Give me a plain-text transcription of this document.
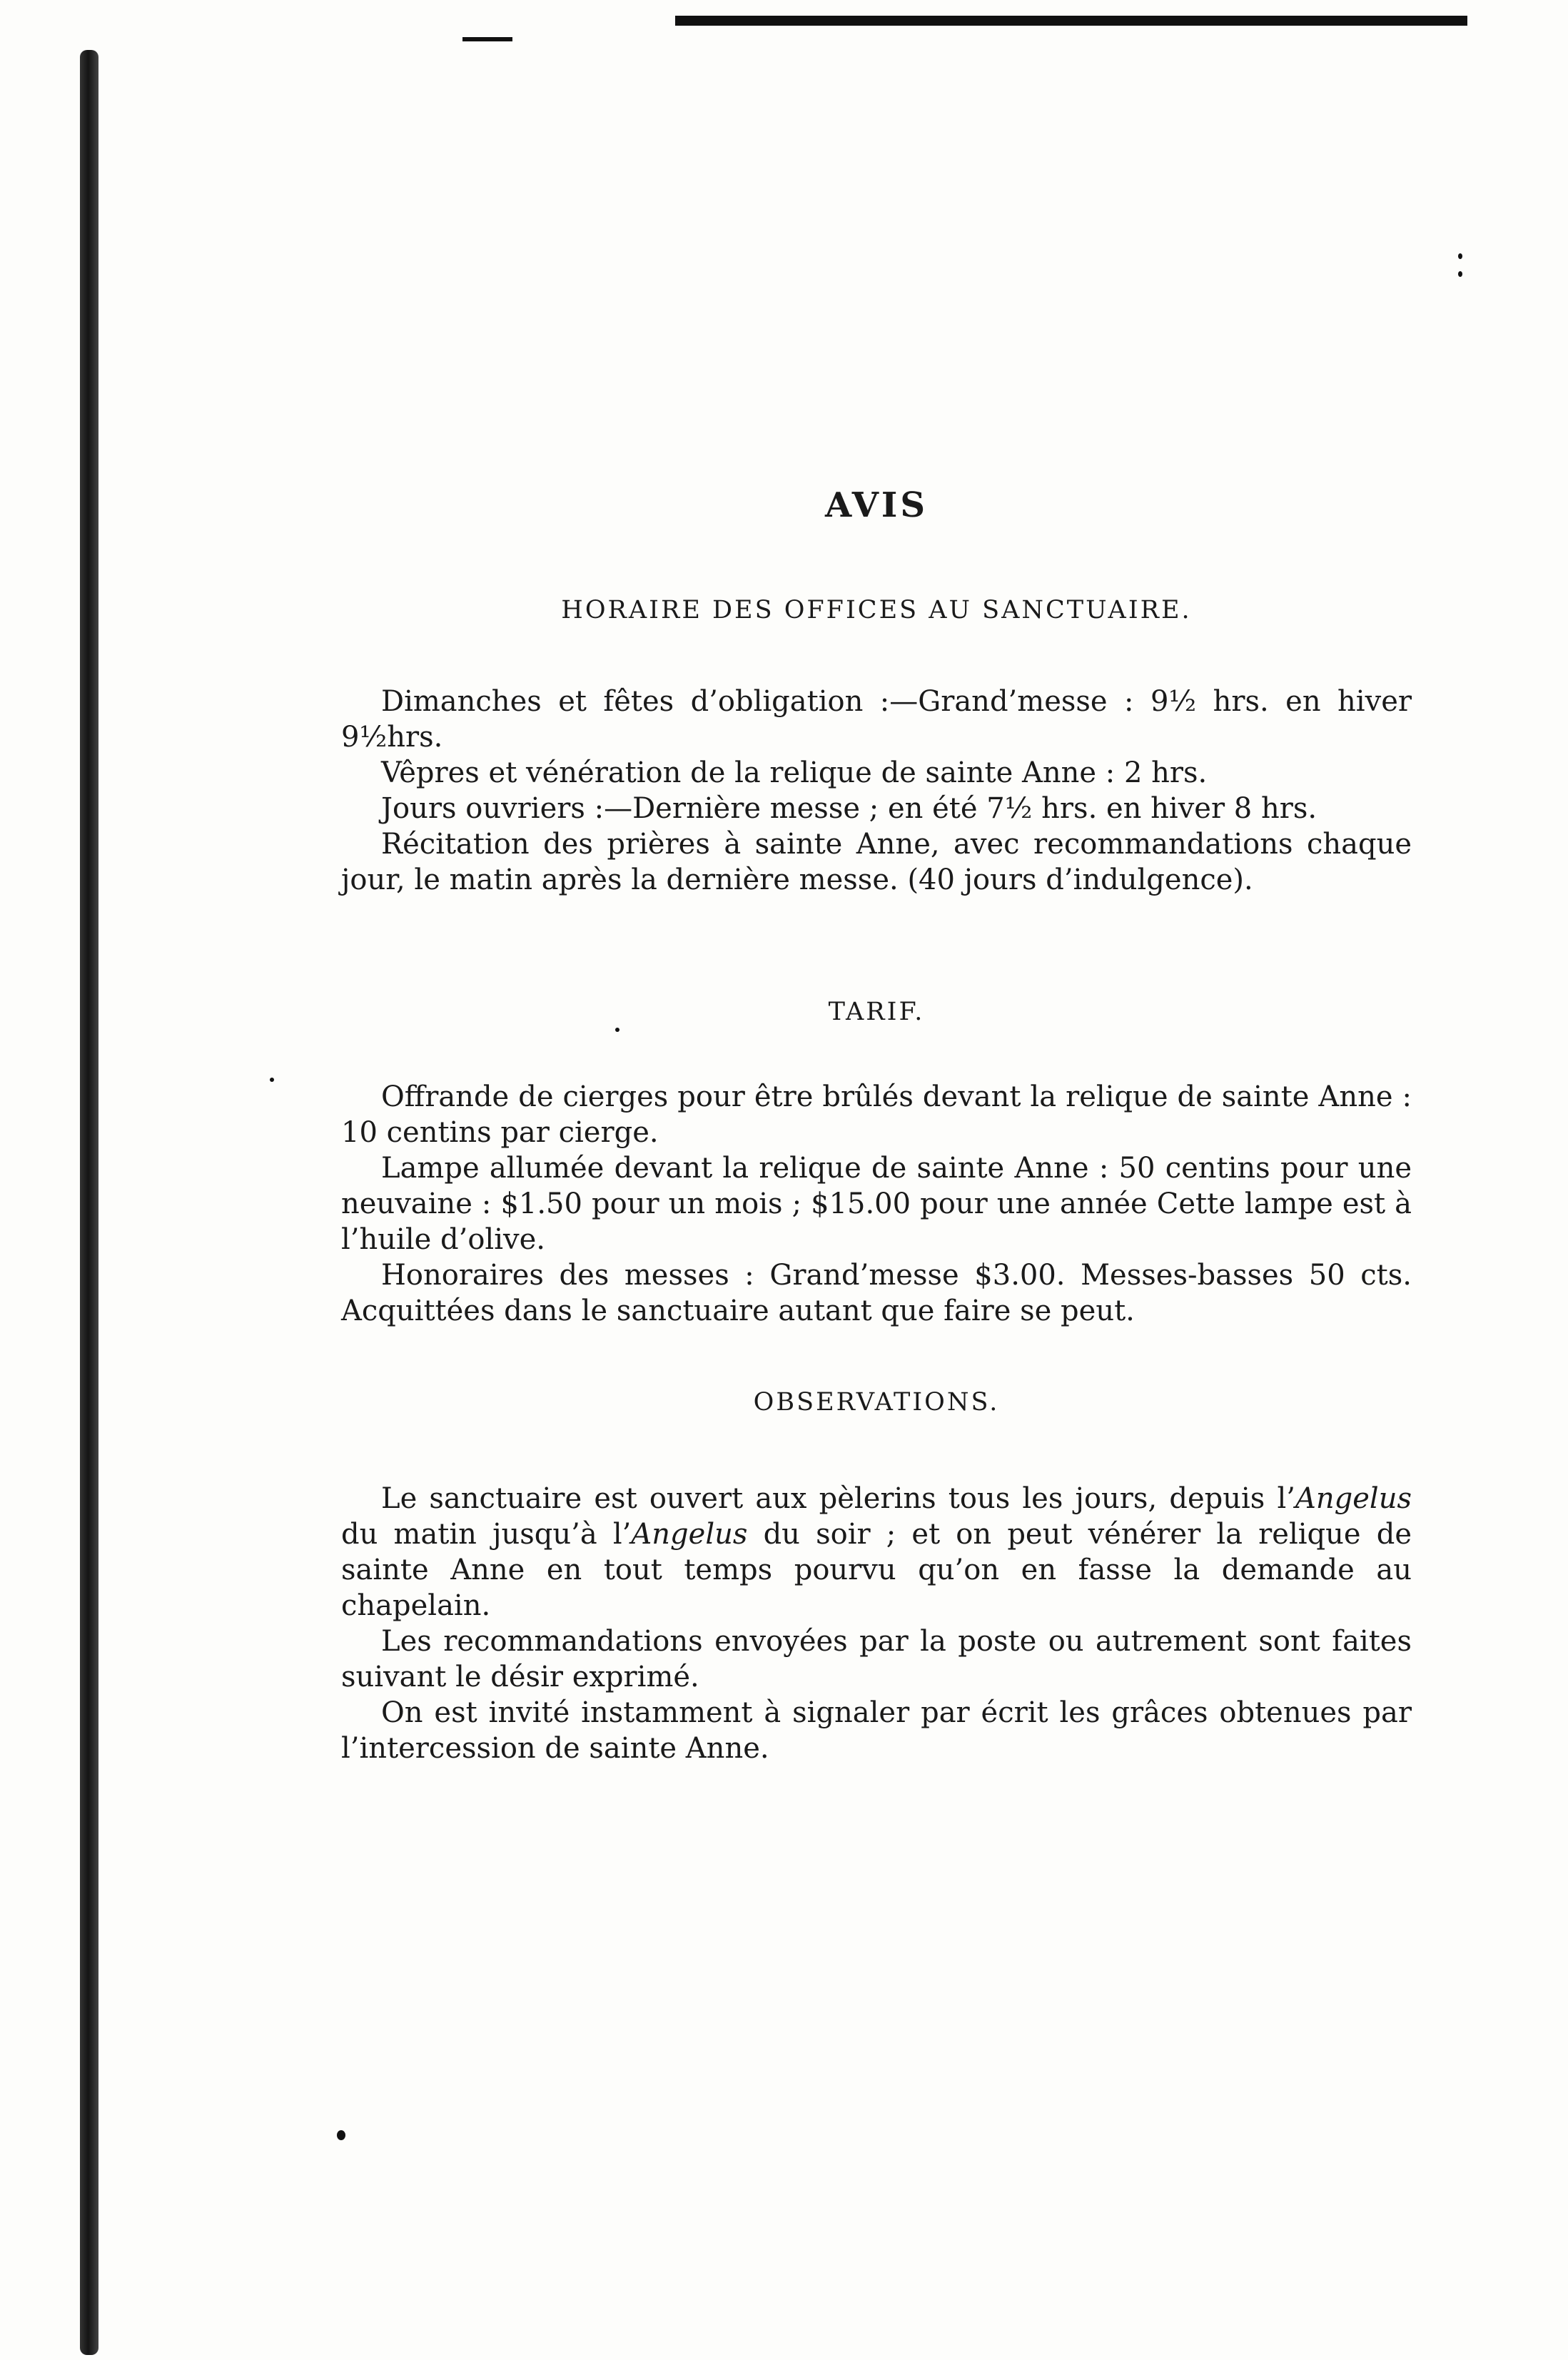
AVIS
HORAIRE DES OFFICES AU SANCTUAIRE.
TARIF.
OBSERVATIONS.

Dimanches et fêtes d’obligation :—Grand’messe : 9½ hrs. en hiver 9½hrs.

Vêpres et vénération de la relique de sainte Anne : 2 hrs.

Jours ouvriers :—Dernière messe ; en été 7½ hrs. en hiver 8 hrs.

Récitation des prières à sainte Anne, avec recommandations chaque jour, le matin après la dernière messe. (40 jours d’indulgence).

Offrande de cierges pour être brûlés devant la relique de sainte Anne : 10 centins par cierge.

Lampe allumée devant la relique de sainte Anne : 50 centins pour une neuvaine : $1.50 pour un mois ; $15.00 pour une année Cette lampe est à l’huile d’olive.

Honoraires des messes : Grand’messe $3.00. Messes-basses 50 cts. Acquittées dans le sanctuaire autant que faire se peut.

Le sanctuaire est ouvert aux pèlerins tous les jours, depuis l’Angelus du matin jusqu’à l’Angelus du soir ; et on peut vénérer la relique de sainte Anne en tout temps pourvu qu’on en fasse la demande au chapelain.

Les recommandations envoyées par la poste ou autrement sont faites suivant le désir exprimé.

On est invité instamment à signaler par écrit les grâces obtenues par l’intercession de sainte Anne.
